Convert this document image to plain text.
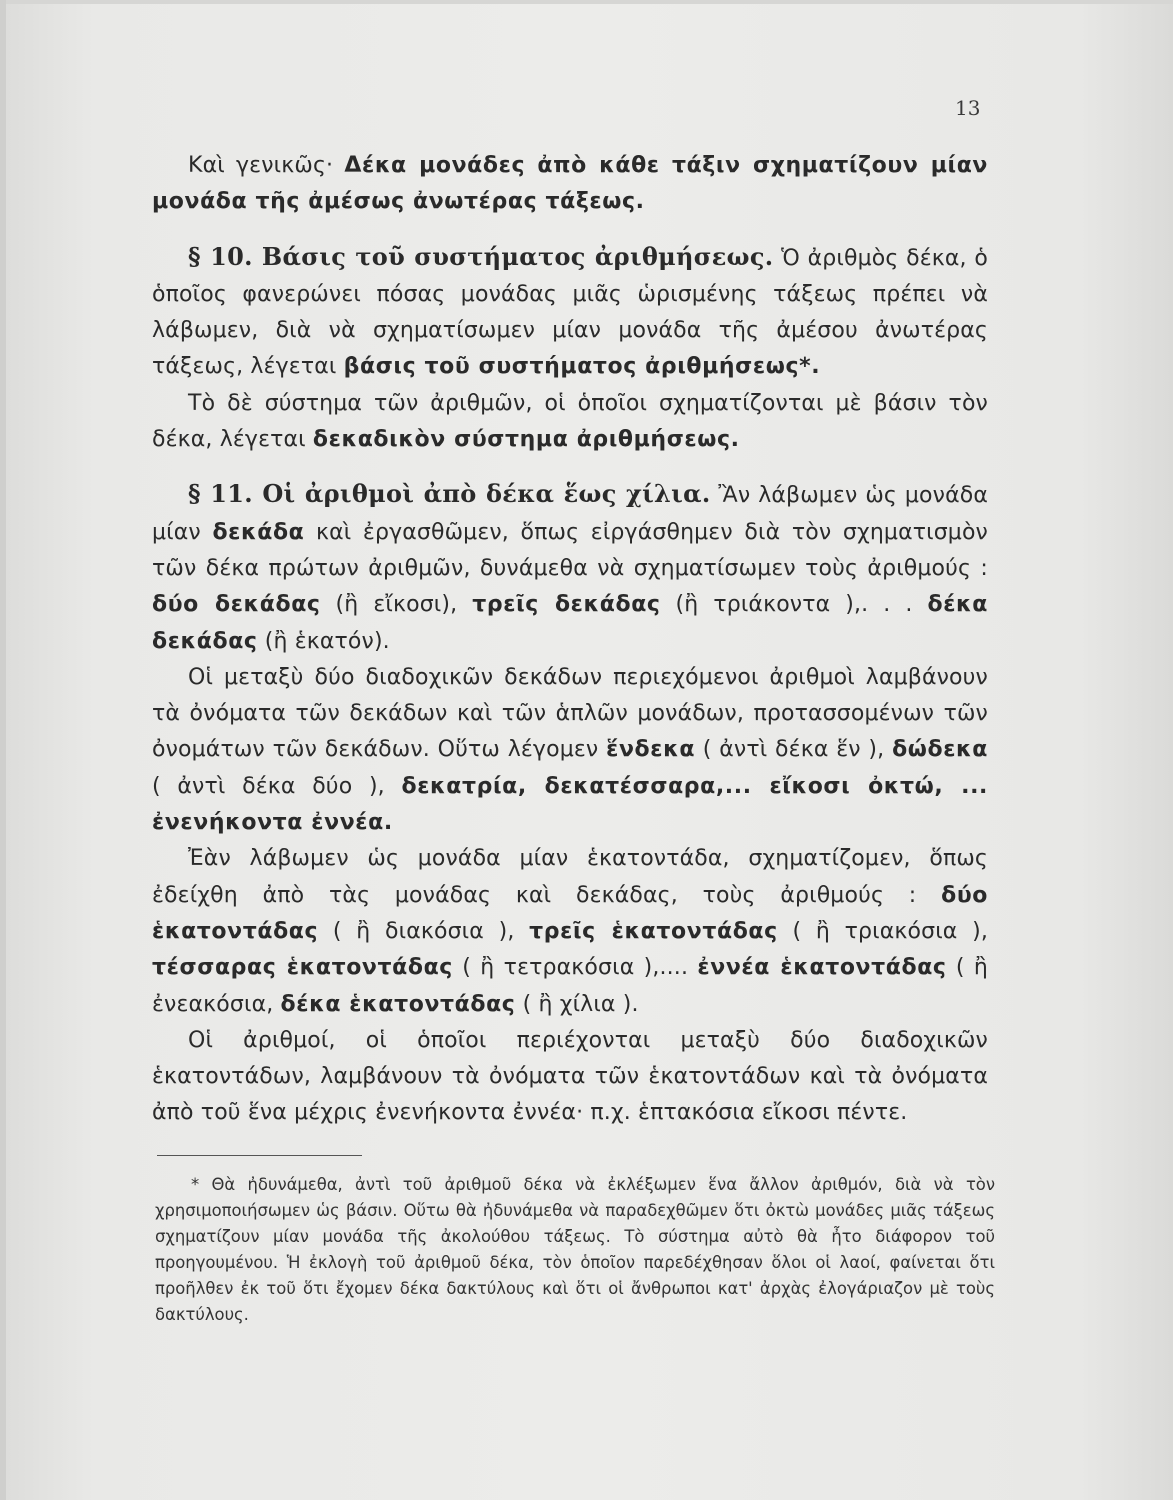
13

Καὶ γενικῶς· Δέκα μονάδες ἀπὸ κάθε τάξιν σχηματίζουν μίαν μονάδα τῆς ἀμέσως ἀνωτέρας τάξεως.

§ 10. Βάσις τοῦ συστήματος ἀριθμήσεως. Ὁ ἀριθμὸς δέκα, ὁ ὁποῖος φανερώνει πόσας μονάδας μιᾶς ὡρισμένης τάξεως πρέπει νὰ λάβωμεν, διὰ νὰ σχηματίσωμεν μίαν μονάδα τῆς ἀμέσου ἀνωτέρας τάξεως, λέγεται βάσις τοῦ συστήματος ἀριθμήσεως*.

Τὸ δὲ σύστημα τῶν ἀριθμῶν, οἱ ὁποῖοι σχηματίζονται μὲ βάσιν τὸν δέκα, λέγεται δεκαδικὸν σύστημα ἀριθμήσεως.

§ 11. Οἱ ἀριθμοὶ ἀπὸ δέκα ἕως χίλια. Ἂν λάβωμεν ὡς μονάδα μίαν δεκάδα καὶ ἐργασθῶμεν, ὅπως εἰργάσθημεν διὰ τὸν σχηματισμὸν τῶν δέκα πρώτων ἀριθμῶν, δυνάμεθα νὰ σχηματίσωμεν τοὺς ἀριθμούς : δύο δεκάδας (ἢ εἴκοσι), τρεῖς δεκάδας (ἢ τριάκοντα ),. . . δέκα δεκάδας (ἢ ἑκατόν).

Οἱ μεταξὺ δύο διαδοχικῶν δεκάδων περιεχόμενοι ἀριθμοὶ λαμβάνουν τὰ ὀνόματα τῶν δεκάδων καὶ τῶν ἁπλῶν μονάδων, προτασσομένων τῶν ὀνομάτων τῶν δεκάδων. Οὕτω λέγομεν ἕνδεκα ( ἀντὶ δέκα ἕν ), δώδεκα ( ἀντὶ δέκα δύο ), δεκατρία, δεκατέσσαρα,... εἴκοσι ὀκτώ, ... ἐνενήκοντα ἐννέα.

Ἐὰν λάβωμεν ὡς μονάδα μίαν ἑκατοντάδα, σχηματίζομεν, ὅπως ἐδείχθη ἀπὸ τὰς μονάδας καὶ δεκάδας, τοὺς ἀριθμούς : δύο ἑκατοντάδας ( ἢ διακόσια ), τρεῖς ἑκατοντάδας ( ἢ τριακόσια ), τέσσαρας ἑκατοντάδας ( ἢ τετρακόσια ),.... ἐννέα ἑκατοντάδας ( ἢ ἐνεακόσια, δέκα ἑκατοντάδας ( ἢ χίλια ).

Οἱ ἀριθμοί, οἱ ὁποῖοι περιέχονται μεταξὺ δύο διαδοχικῶν ἑκατοντάδων, λαμβάνουν τὰ ὀνόματα τῶν ἑκατοντάδων καὶ τὰ ὀνόματα ἀπὸ τοῦ ἕνα μέχρις ἐνενήκοντα ἐννέα· π.χ. ἑπτακόσια εἴκοσι πέντε.

* Θὰ ἠδυνάμεθα, ἀντὶ τοῦ ἀριθμοῦ δέκα νὰ ἐκλέξωμεν ἕνα ἄλλον ἀριθμόν, διὰ νὰ τὸν χρησιμοποιήσωμεν ὡς βάσιν. Οὕτω θὰ ἠδυνάμεθα νὰ παραδεχθῶμεν ὅτι ὀκτὼ μονάδες μιᾶς τάξεως σχηματίζουν μίαν μονάδα τῆς ἀκολούθου τάξεως. Τὸ σύστημα αὐτὸ θὰ ἦτο διάφορον τοῦ προηγουμένου. Ἡ ἐκλογὴ τοῦ ἀριθμοῦ δέκα, τὸν ὁποῖον παρεδέχθησαν ὅλοι οἱ λαοί, φαίνεται ὅτι προῆλθεν ἐκ τοῦ ὅτι ἔχομεν δέκα δακτύλους καὶ ὅτι οἱ ἄνθρωποι κατ' ἀρχὰς ἐλογάριαζον μὲ τοὺς δακτύλους.
